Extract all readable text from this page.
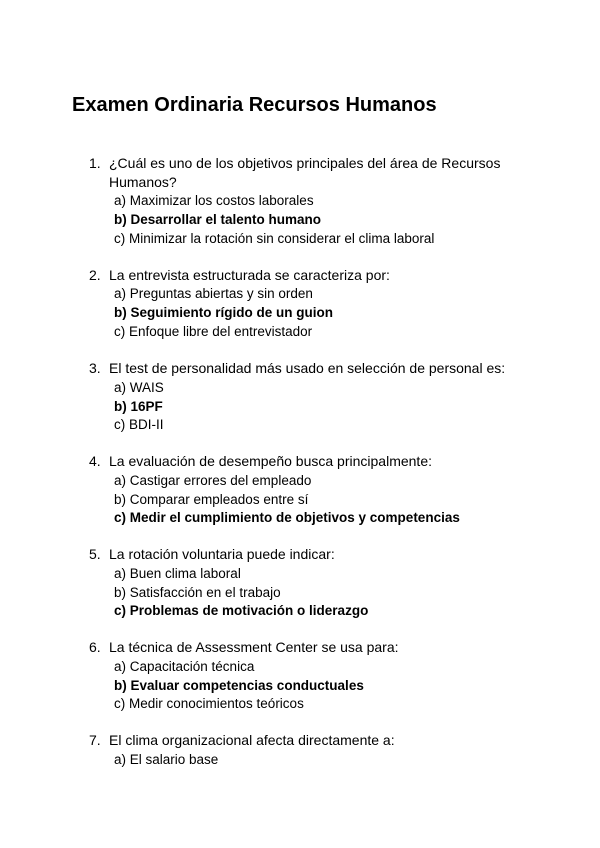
Examen Ordinaria Recursos Humanos
1. ¿Cuál es uno de los objetivos principales del área de Recursos Humanos?
a) Maximizar los costos laborales
b) Desarrollar el talento humano
c) Minimizar la rotación sin considerar el clima laboral
2. La entrevista estructurada se caracteriza por:
a) Preguntas abiertas y sin orden
b) Seguimiento rígido de un guion
c) Enfoque libre del entrevistador
3. El test de personalidad más usado en selección de personal es:
a) WAIS
b) 16PF
c) BDI-II
4. La evaluación de desempeño busca principalmente:
a) Castigar errores del empleado
b) Comparar empleados entre sí
c) Medir el cumplimiento de objetivos y competencias
5. La rotación voluntaria puede indicar:
a) Buen clima laboral
b) Satisfacción en el trabajo
c) Problemas de motivación o liderazgo
6. La técnica de Assessment Center se usa para:
a) Capacitación técnica
b) Evaluar competencias conductuales
c) Medir conocimientos teóricos
7. El clima organizacional afecta directamente a:
a) El salario base
